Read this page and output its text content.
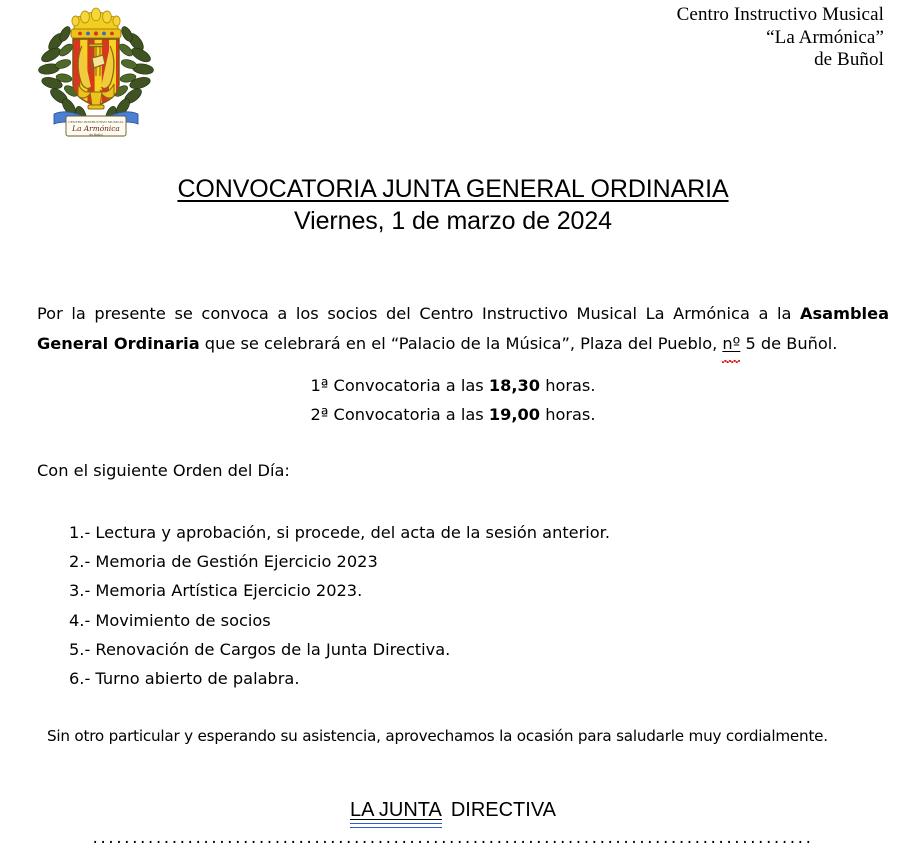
CENTRO INSTRUCTIVO MUSICAL
La Armónica
de Buñol
Centro Instructivo Musical
“La Armónica”
de Buñol
CONVOCATORIA JUNTA GENERAL ORDINARIA
Viernes, 1 de marzo de 2024

Por la presente se convoca a los socios del Centro Instructivo Musical La Armónica a la Asamblea General Ordinaria que se celebrará en el “Palacio de la Música”, Plaza del Pueblo, nº 5 de Buñol.

1ª Convocatoria a las 18,30 horas.
2ª Convocatoria a las 19,00 horas.
Con el siguiente Orden del Día:
1.- Lectura y aprobación, si procede, del acta de la sesión anterior.
2.- Memoria de Gestión Ejercicio 2023
3.- Memoria Artística Ejercicio 2023.
4.- Movimiento de socios
5.- Renovación de Cargos de la Junta Directiva.
6.- Turno abierto de palabra.
Sin otro particular y esperando su asistencia, aprovechamos la ocasión para saludarle muy cordialmente.
LA JUNTA DIRECTIVA
...........................................................................................
